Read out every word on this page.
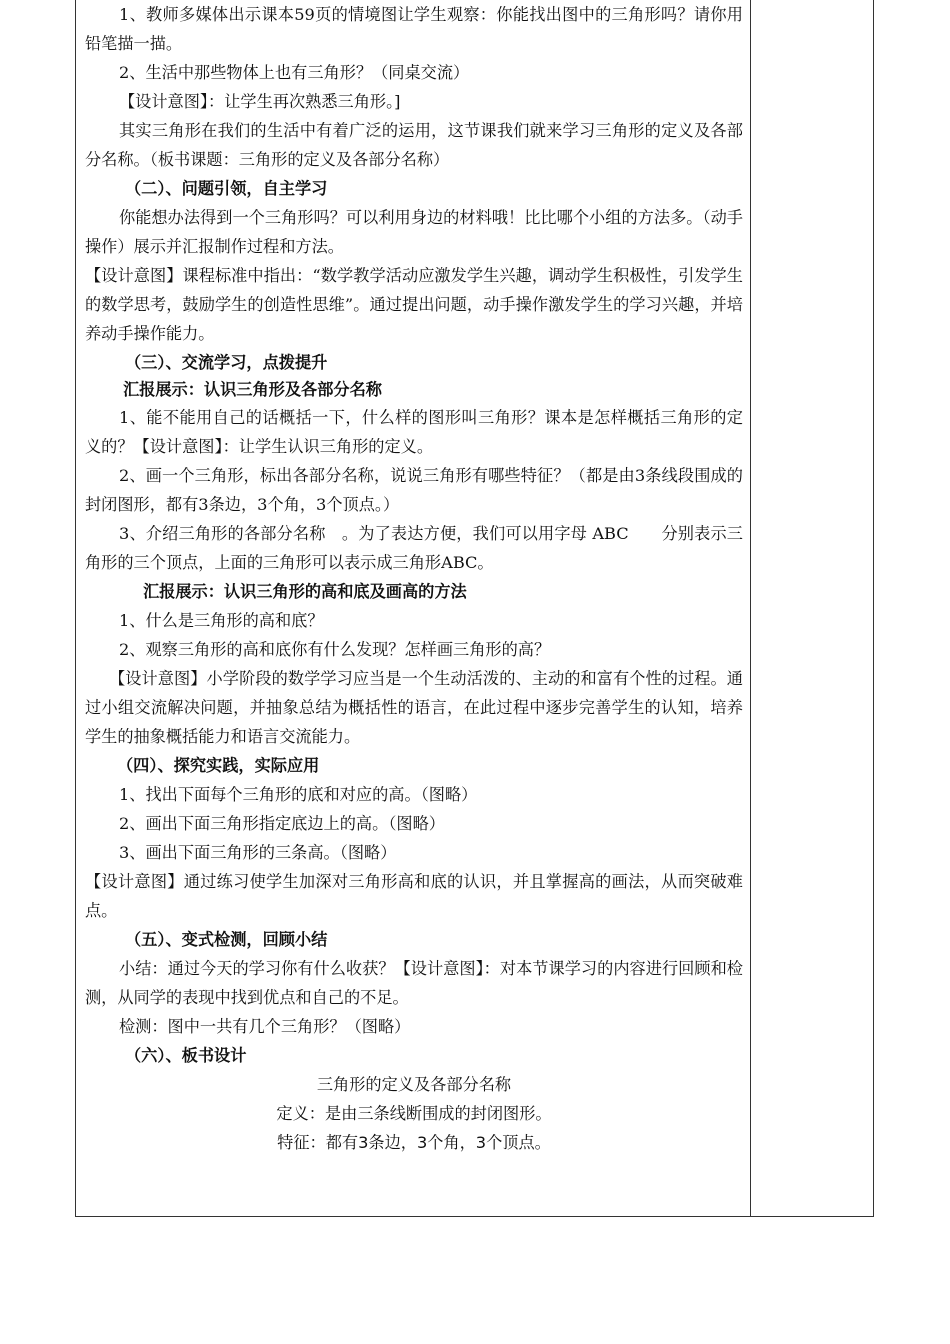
1、教师多媒体出示课本59页的情境图让学生观察：你能找出图中的三角形吗？请你用铅笔描一描。

2、生活中那些物体上也有三角形？（同桌交流）

【设计意图】：让学生再次熟悉三角形。]

其实三角形在我们的生活中有着广泛的运用，这节课我们就来学习三角形的定义及各部分名称。（板书课题：三角形的定义及各部分名称）

（二）、问题引领，自主学习

你能想办法得到一个三角形吗？可以利用身边的材料哦！比比哪个小组的方法多。（动手操作）展示并汇报制作过程和方法。

【设计意图】课程标准中指出：“数学教学活动应激发学生兴趣，调动学生积极性，引发学生的数学思考，鼓励学生的创造性思维”。通过提出问题，动手操作激发学生的学习兴趣，并培养动手操作能力。

（三）、交流学习，点拨提升

汇报展示：认识三角形及各部分名称

1、能不能用自己的话概括一下，什么样的图形叫三角形？课本是怎样概括三角形的定义的？【设计意图】：让学生认识三角形的定义。

2、画一个三角形，标出各部分名称，说说三角形有哪些特征？（都是由3条线段围成的封闭图形，都有3条边，3个角，3个顶点。）

3、介绍三角形的各部分名称　。为了表达方便，我们可以用字母 ABC　　分别表示三角形的三个顶点，上面的三角形可以表示成三角形ABC。

汇报展示：认识三角形的高和底及画高的方法

1、什么是三角形的高和底？

2、观察三角形的高和底你有什么发现？怎样画三角形的高？

【设计意图】小学阶段的数学学习应当是一个生动活泼的、主动的和富有个性的过程。通过小组交流解决问题，并抽象总结为概括性的语言，在此过程中逐步完善学生的认知，培养学生的抽象概括能力和语言交流能力。

（四）、探究实践，实际应用

1、找出下面每个三角形的底和对应的高。（图略）

2、画出下面三角形指定底边上的高。（图略）

3、画出下面三角形的三条高。（图略）

【设计意图】通过练习使学生加深对三角形高和底的认识，并且掌握高的画法，从而突破难点。

（五）、变式检测，回顾小结

小结：通过今天的学习你有什么收获？【设计意图】：对本节课学习的内容进行回顾和检测，从同学的表现中找到优点和自己的不足。

检测：图中一共有几个三角形？（图略）

（六）、板书设计

三角形的定义及各部分名称

定义：是由三条线断围成的封闭图形。

特征：都有3条边，3个角，3个顶点。
